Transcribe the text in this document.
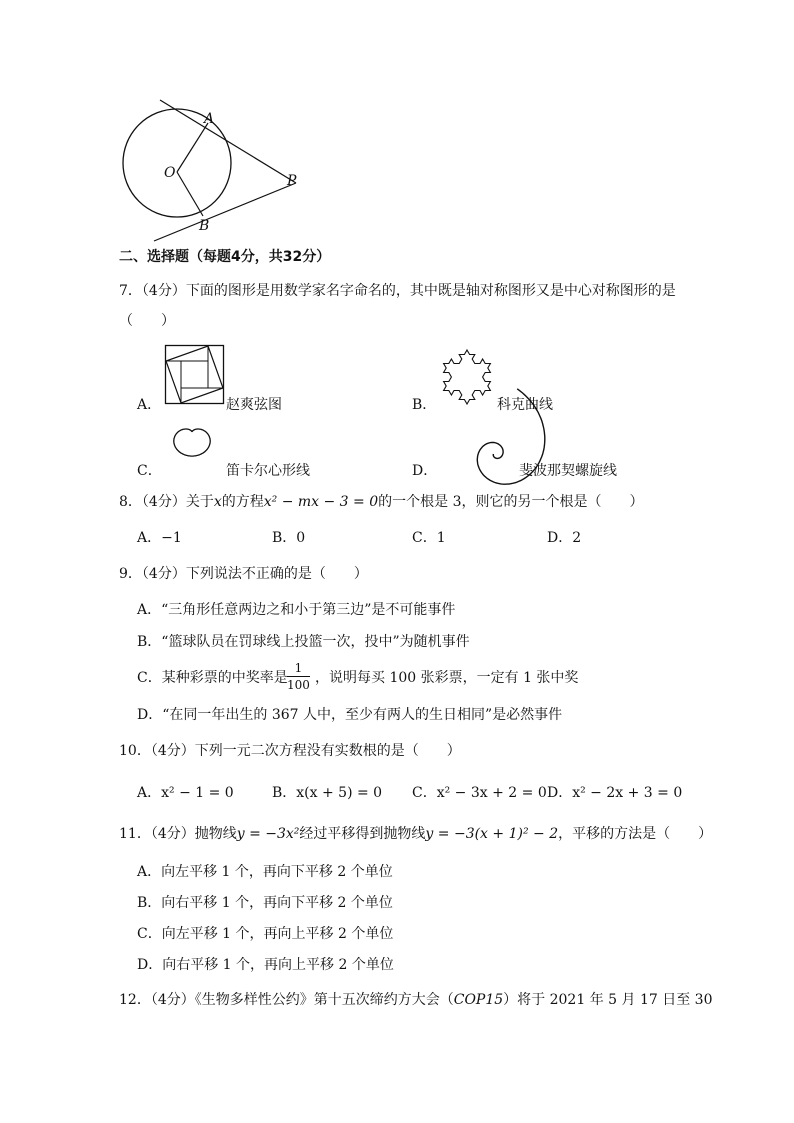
A
O	P
B
二、选择题（每题4分，共32分）
7．（4分）下面的图形是用数学家名字命名的，其中既是轴对称图形又是中心对称图形的是
（　　）
A．	赵爽弦图	B．	科克曲线
C．	笛卡尔心形线	D．	斐波那契螺旋线
8．（4分）关于x的方程x² − mx − 3 = 0的一个根是 3，则它的另一个根是（　　）
A．−1	B．0	C．1	D．2
9．（4分）下列说法不正确的是（　　）
A．“三角形任意两边之和小于第三边”是不可能事件
B．“篮球队员在罚球线上投篮一次，投中”为随机事件
C．某种彩票的中奖率是 $\frac{1}{100}$ ，说明每买 100 张彩票，一定有 1 张中奖
D．“在同一年出生的 367 人中，至少有两人的生日相同”是必然事件
10．（4分）下列一元二次方程没有实数根的是（　　）
A．x² − 1 = 0	B．x(x + 5) = 0 C．x² − 3x + 2 = 0 D．x² − 2x + 3 = 0
11．（4分）抛物线y = −3x²经过平移得到抛物线y = −3(x + 1)² − 2，平移的方法是（　　）
A．向左平移 1 个，再向下平移 2 个单位
B．向右平移 1 个，再向下平移 2 个单位
C．向左平移 1 个，再向上平移 2 个单位
D．向右平移 1 个，再向上平移 2 个单位
12．（4分）《生物多样性公约》第十五次缔约方大会（COP15）将于 2021 年 5 月 17 日至 30
